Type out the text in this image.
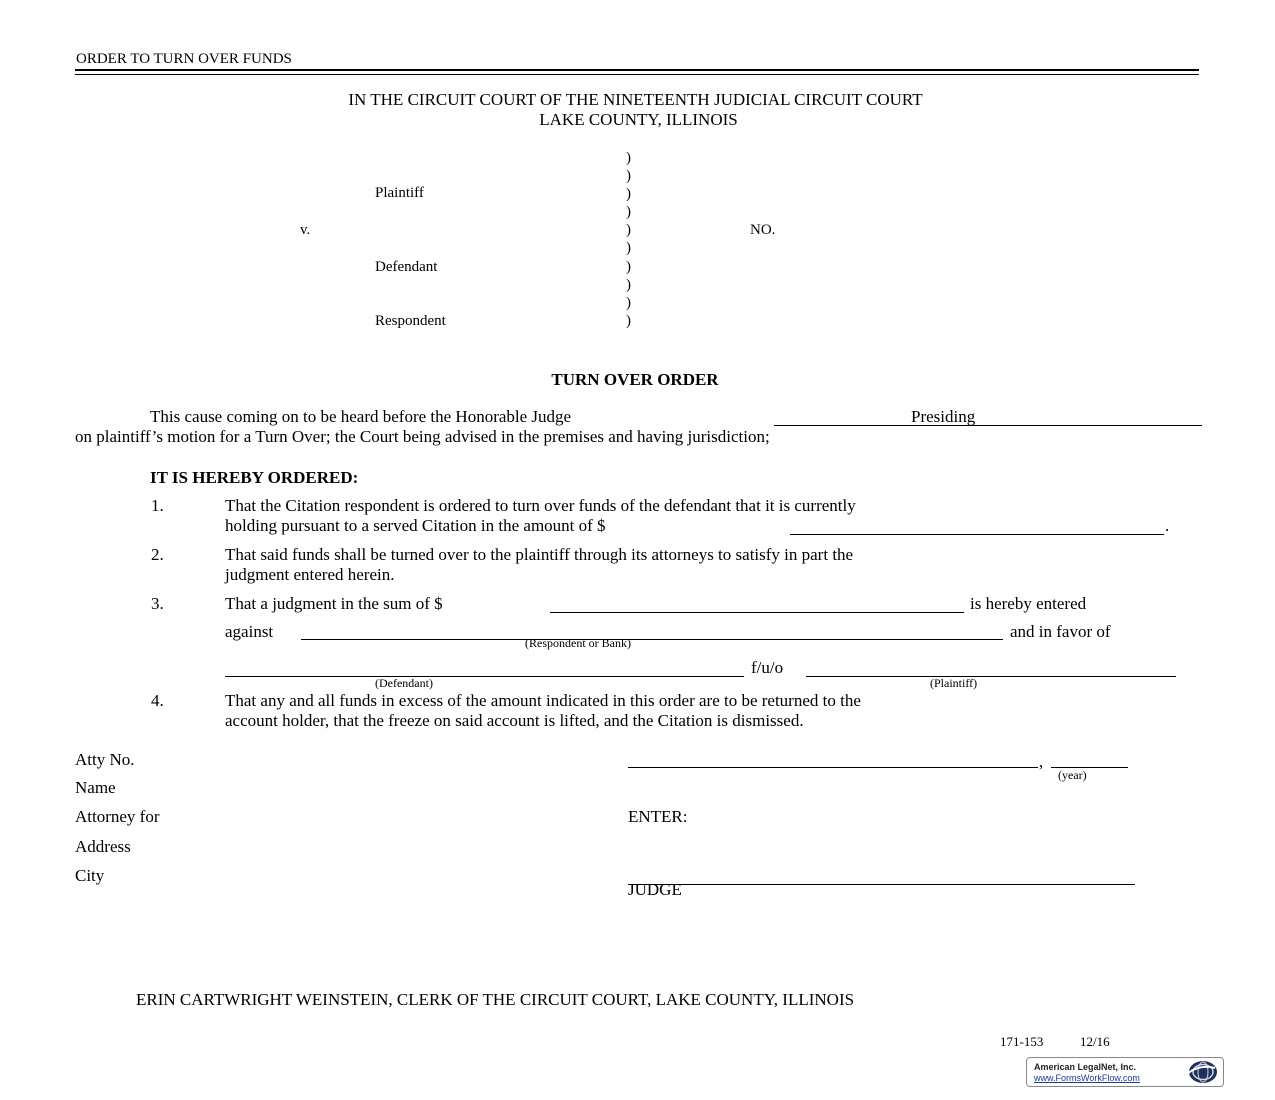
ORDER TO TURN OVER FUNDS
IN THE CIRCUIT COURT OF THE NINETEENTH JUDICIAL CIRCUIT COURT
LAKE COUNTY, ILLINOIS
Plaintiff
v.
Defendant
Respondent
NO.
)
)
)
)
)
)
)
)
)
)
TURN OVER ORDER
This cause coming on to be heard before the Honorable Judge	Presiding
on plaintiff’s motion for a Turn Over; the Court being advised in the premises and having jurisdiction;
IT IS HEREBY ORDERED:
1.	That the Citation respondent is ordered to turn over funds of the defendant that it is currently
holding pursuant to a served Citation in the amount of $	.
2.	That said funds shall be turned over to the plaintiff through its attorneys to satisfy in part the
judgment entered herein.
3.	That a judgment in the sum of $	is hereby entered
against
(Respondent or Bank)
and in favor of
(Defendant)
f/u/o
(Plaintiff)
4.	That any and all funds in excess of the amount indicated in this order are to be returned to the
account holder, that the freeze on said account is lifted, and the Citation is dismissed.
Atty No.
Name
Attorney for
Address
City
,
(year)
ENTER:
JUDGE
ERIN CARTWRIGHT WEINSTEIN, CLERK OF THE CIRCUIT COURT, LAKE COUNTY, ILLINOIS
171-153	12/16
American LegalNet, Inc.
www.FormsWorkFlow.com
